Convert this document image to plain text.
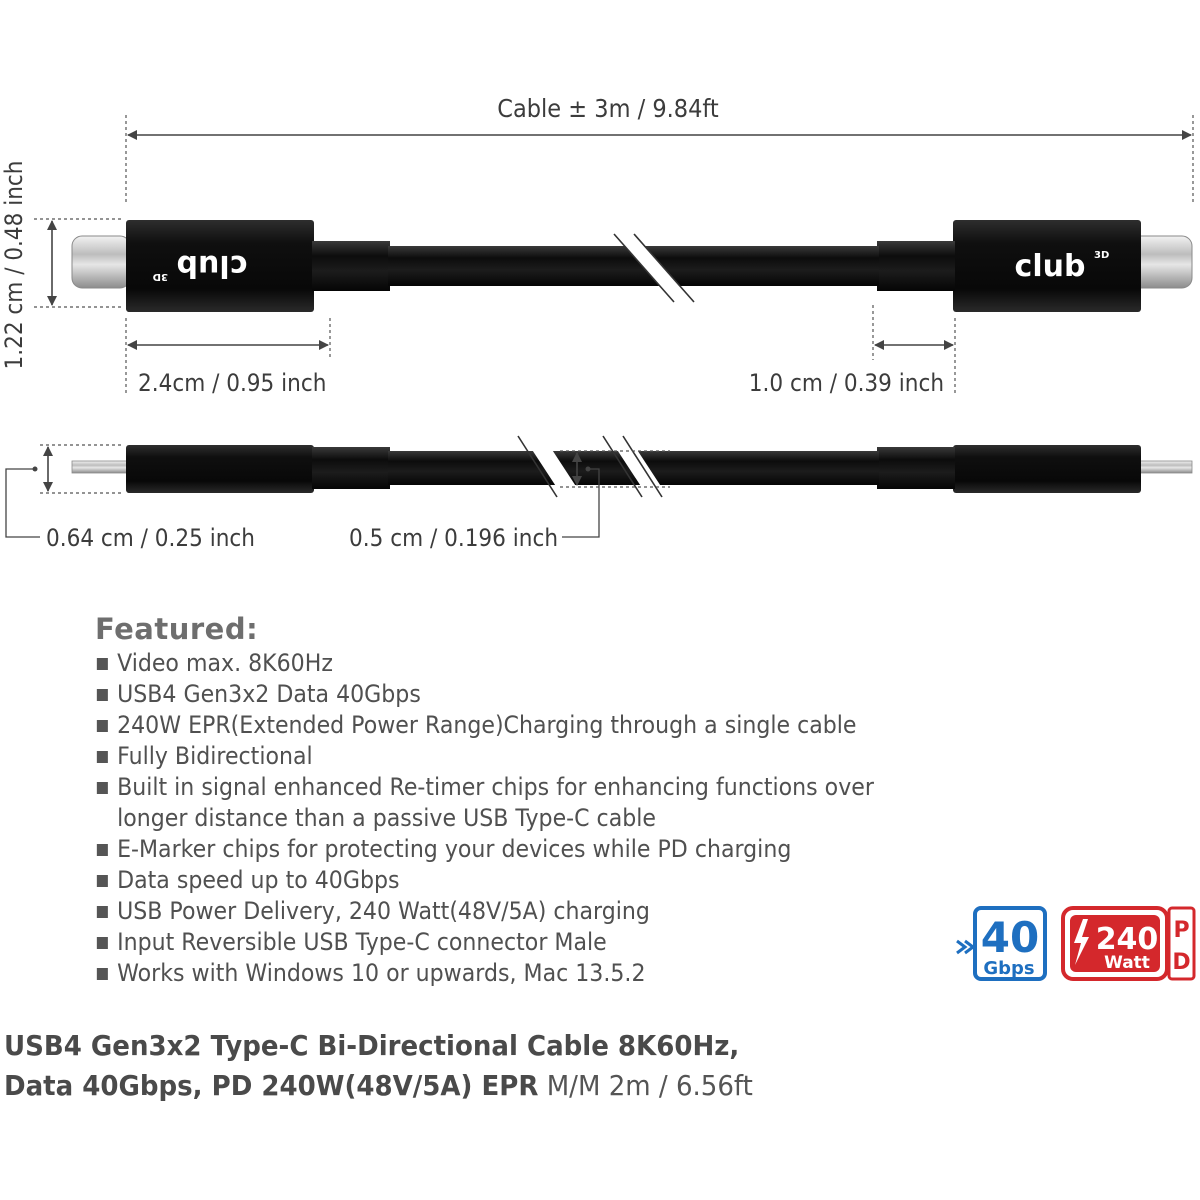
Cable ± 3m / 9.84ft
club
3D	club 3D
1.22 cm / 0.48 inch
2.4cm / 0.95 inch	1.0 cm / 0.39 inch
0.64 cm / 0.25 inch	0.5 cm / 0.196 inch
Featured:
Video max. 8K60Hz
USB4 Gen3x2 Data 40Gbps
240W EPR(Extended Power Range)Charging through a single cable
Fully Bidirectional
Built in signal enhanced Re-timer chips for enhancing functions over
longer distance than a passive USB Type-C cable
E-Marker chips for protecting your devices while PD charging
Data speed up to 40Gbps
USB Power Delivery, 240 Watt(48V/5A) charging
Input Reversible USB Type-C connector Male
Works with Windows 10 or upwards, Mac 13.5.2
40
Gbps
240
Watt
P
D
USB4 Gen3x2 Type-C Bi-Directional Cable 8K60Hz,
Data 40Gbps, PD 240W(48V/5A) EPR M/M 2m / 6.56ft
